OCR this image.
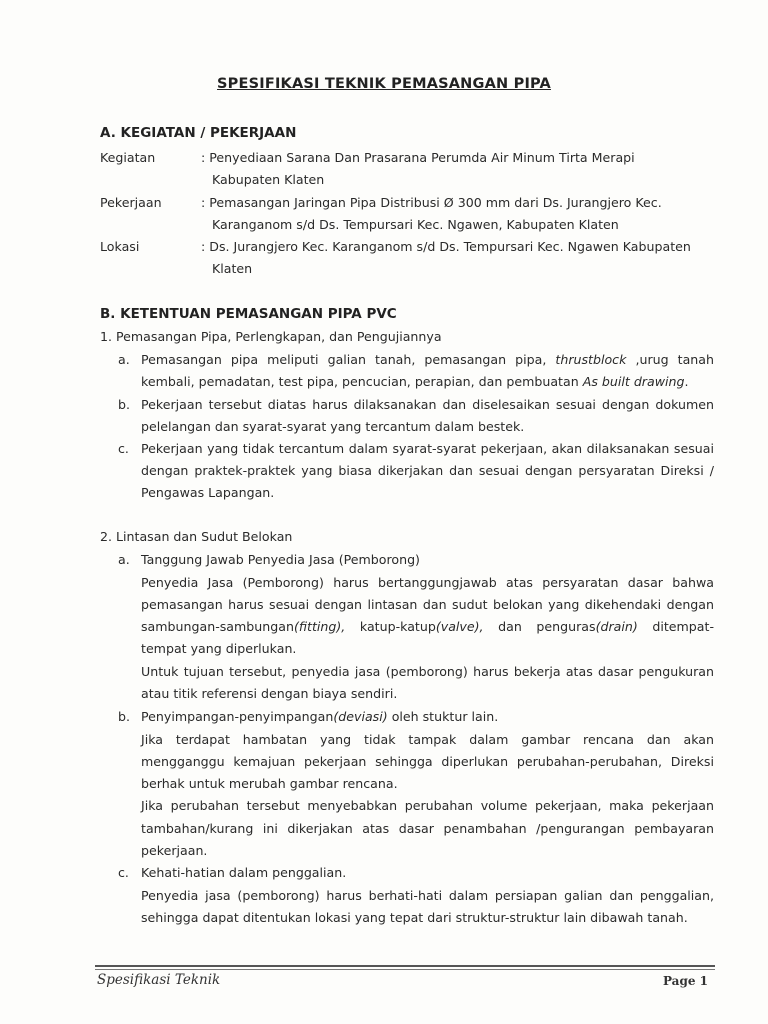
SPESIFIKASI TEKNIK PEMASANGAN PIPA
A. KEGIATAN / PEKERJAAN
Kegiatan	: Penyediaan Sarana Dan Prasarana Perumda Air Minum Tirta Merapi
Kabupaten Klaten
Pekerjaan	: Pemasangan Jaringan Pipa Distribusi Ø 300 mm dari Ds. Jurangjero Kec.
Karanganom s/d Ds. Tempursari Kec. Ngawen, Kabupaten Klaten
Lokasi	: Ds. Jurangjero Kec. Karanganom s/d Ds. Tempursari Kec. Ngawen Kabupaten
Klaten
B. KETENTUAN PEMASANGAN PIPA PVC
1. Pemasangan Pipa, Perlengkapan, dan Pengujiannya
a. Pemasangan pipa meliputi galian tanah, pemasangan pipa, thrustblock ,urug tanah
kembali, pemadatan, test pipa, pencucian, perapian, dan pembuatan As built drawing.
b. Pekerjaan tersebut diatas harus dilaksanakan dan diselesaikan sesuai dengan dokumen
pelelangan dan syarat-syarat yang tercantum dalam bestek.
c. Pekerjaan yang tidak tercantum dalam syarat-syarat pekerjaan, akan dilaksanakan sesuai
dengan praktek-praktek yang biasa dikerjakan dan sesuai dengan persyaratan Direksi /
Pengawas Lapangan.
2. Lintasan dan Sudut Belokan
a. Tanggung Jawab Penyedia Jasa (Pemborong)
Penyedia Jasa (Pemborong) harus bertanggungjawab atas persyaratan dasar bahwa
pemasangan harus sesuai dengan lintasan dan sudut belokan yang dikehendaki dengan
sambungan-sambungan(fitting), katup-katup(valve), dan penguras(drain) ditempat-
tempat yang diperlukan.
Untuk tujuan tersebut, penyedia jasa (pemborong) harus bekerja atas dasar pengukuran
atau titik referensi dengan biaya sendiri.
b. Penyimpangan-penyimpangan(deviasi) oleh stuktur lain.
Jika terdapat hambatan yang tidak tampak dalam gambar rencana dan akan
mengganggu kemajuan pekerjaan sehingga diperlukan perubahan-perubahan, Direksi
berhak untuk merubah gambar rencana.
Jika perubahan tersebut menyebabkan perubahan volume pekerjaan, maka pekerjaan
tambahan/kurang ini dikerjakan atas dasar penambahan /pengurangan pembayaran
pekerjaan.
c. Kehati-hatian dalam penggalian.
Penyedia jasa (pemborong) harus berhati-hati dalam persiapan galian dan penggalian,
sehingga dapat ditentukan lokasi yang tepat dari struktur-struktur lain dibawah tanah.
Spesifikasi Teknik	Page 1
